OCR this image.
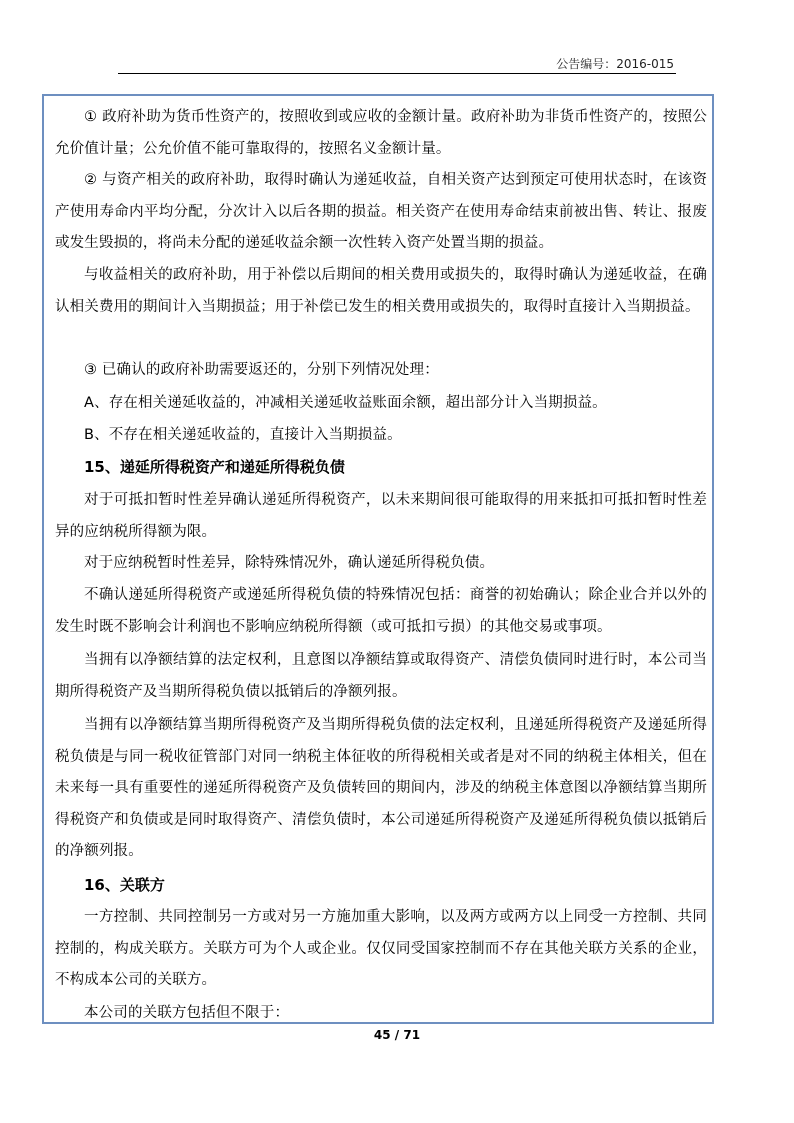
公告编号：2016-015

① 政府补助为货币性资产的，按照收到或应收的金额计量。政府补助为非货币性资产的，按照公允价值计量；公允价值不能可靠取得的，按照名义金额计量。

② 与资产相关的政府补助，取得时确认为递延收益，自相关资产达到预定可使用状态时，在该资产使用寿命内平均分配，分次计入以后各期的损益。相关资产在使用寿命结束前被出售、转让、报废或发生毁损的，将尚未分配的递延收益余额一次性转入资产处置当期的损益。

与收益相关的政府补助，用于补偿以后期间的相关费用或损失的，取得时确认为递延收益，在确认相关费用的期间计入当期损益；用于补偿已发生的相关费用或损失的，取得时直接计入当期损益。

③ 已确认的政府补助需要返还的，分别下列情况处理：

A、存在相关递延收益的，冲减相关递延收益账面余额，超出部分计入当期损益。

B、不存在相关递延收益的，直接计入当期损益。

15、递延所得税资产和递延所得税负债

对于可抵扣暂时性差异确认递延所得税资产，以未来期间很可能取得的用来抵扣可抵扣暂时性差异的应纳税所得额为限。

对于应纳税暂时性差异，除特殊情况外，确认递延所得税负债。

不确认递延所得税资产或递延所得税负债的特殊情况包括：商誉的初始确认；除企业合并以外的发生时既不影响会计利润也不影响应纳税所得额（或可抵扣亏损）的其他交易或事项。

当拥有以净额结算的法定权利，且意图以净额结算或取得资产、清偿负债同时进行时，本公司当期所得税资产及当期所得税负债以抵销后的净额列报。

当拥有以净额结算当期所得税资产及当期所得税负债的法定权利，且递延所得税资产及递延所得税负债是与同一税收征管部门对同一纳税主体征收的所得税相关或者是对不同的纳税主体相关，但在未来每一具有重要性的递延所得税资产及负债转回的期间内，涉及的纳税主体意图以净额结算当期所得税资产和负债或是同时取得资产、清偿负债时，本公司递延所得税资产及递延所得税负债以抵销后的净额列报。

16、关联方

一方控制、共同控制另一方或对另一方施加重大影响，以及两方或两方以上同受一方控制、共同控制的，构成关联方。关联方可为个人或企业。仅仅同受国家控制而不存在其他关联方关系的企业，不构成本公司的关联方。

本公司的关联方包括但不限于：

45 / 71
